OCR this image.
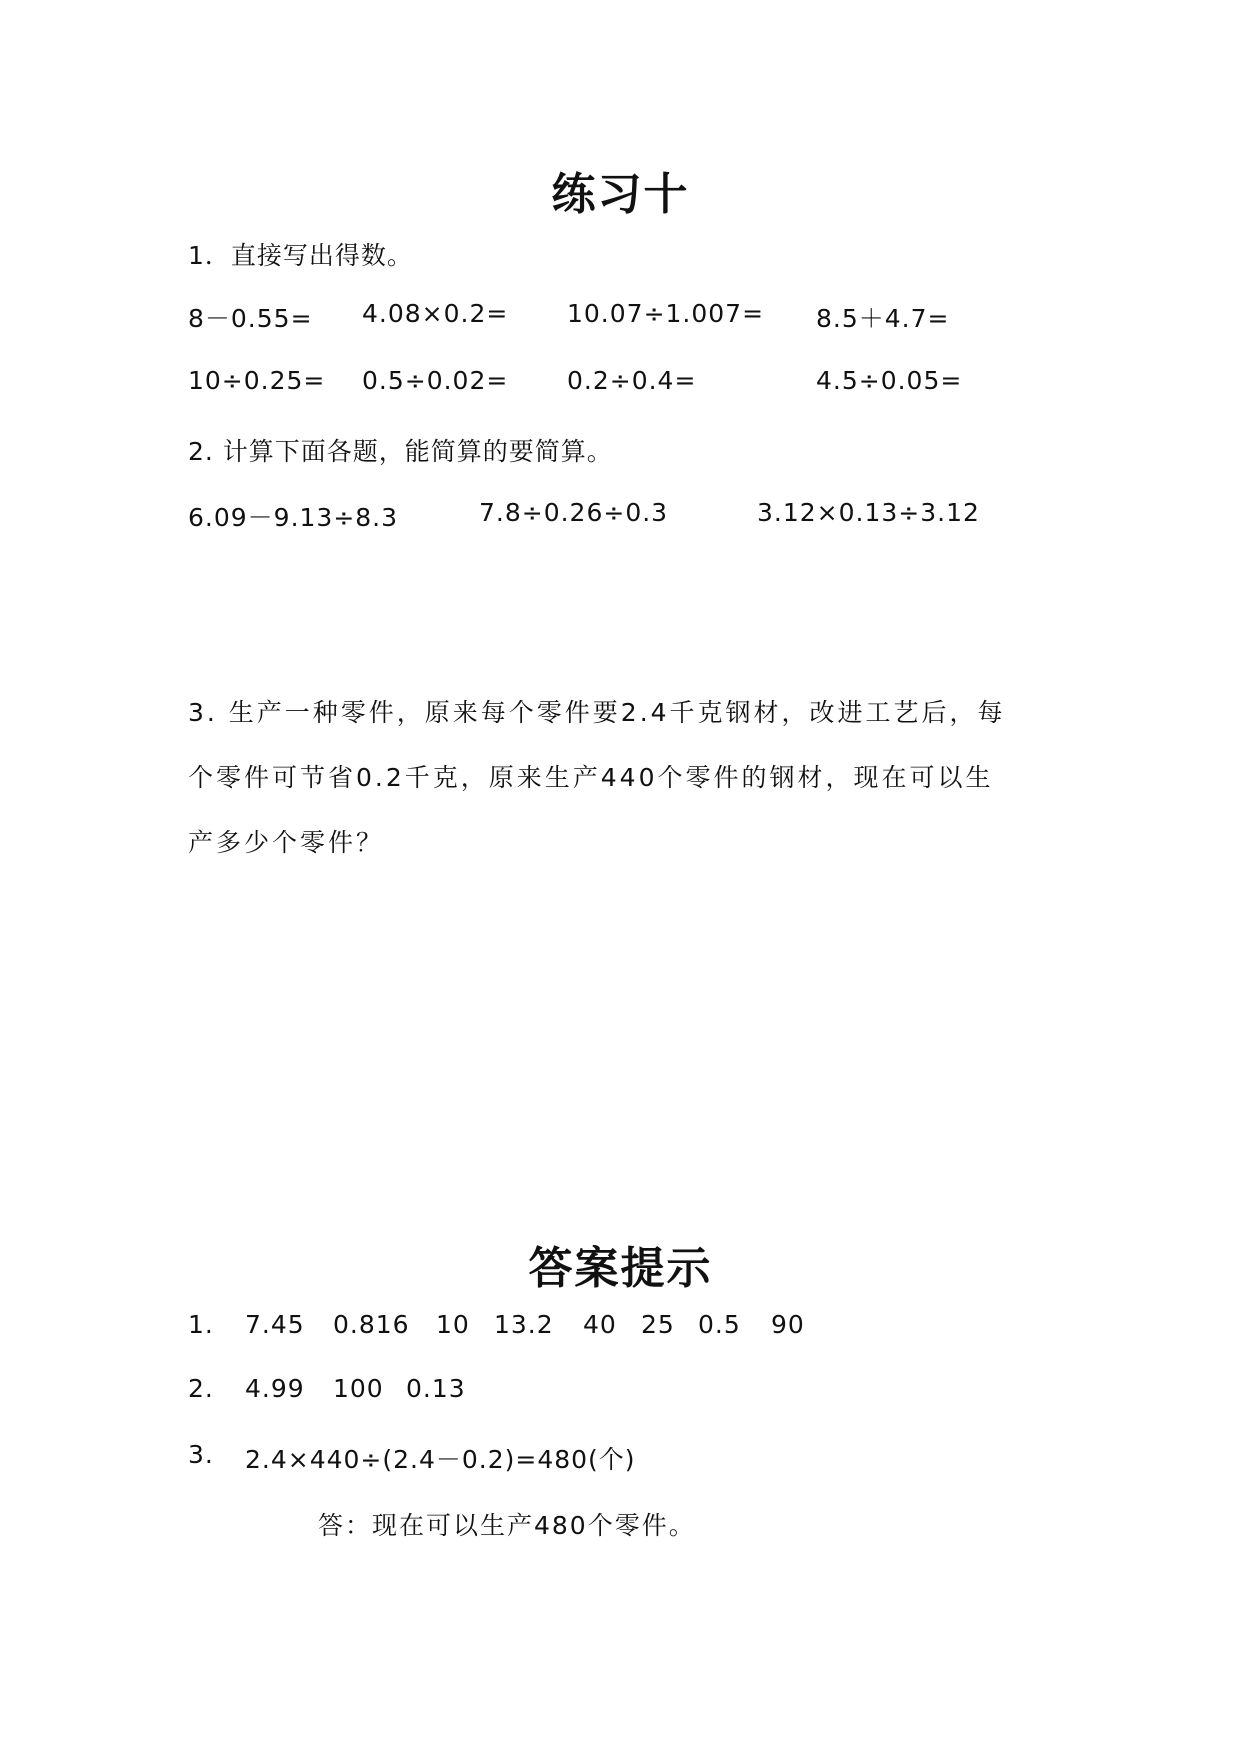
练习十
1．直接写出得数。
8－0.55= 4.08×0.2= 10.07÷1.007= 8.5＋4.7=
10÷0.25= 0.5÷0.02= 0.2÷0.4=	4.5÷0.05=
2. 计算下面各题，能简算的要简算。
6.09－9.13÷8.3	7.8÷0.26÷0.3	3.12×0.13÷3.12
3. 生产一种零件，原来每个零件要2.4千克钢材，改进工艺后，每
个零件可节省0.2千克，原来生产440个零件的钢材，现在可以生
产多少个零件？
答案提示
1. 7.45 0.816 10 13.2 40 25 0.5 90
2. 4.99 100 0.13
3. 2.4×440÷(2.4－0.2)=480(个)
答：现在可以生产480个零件。
